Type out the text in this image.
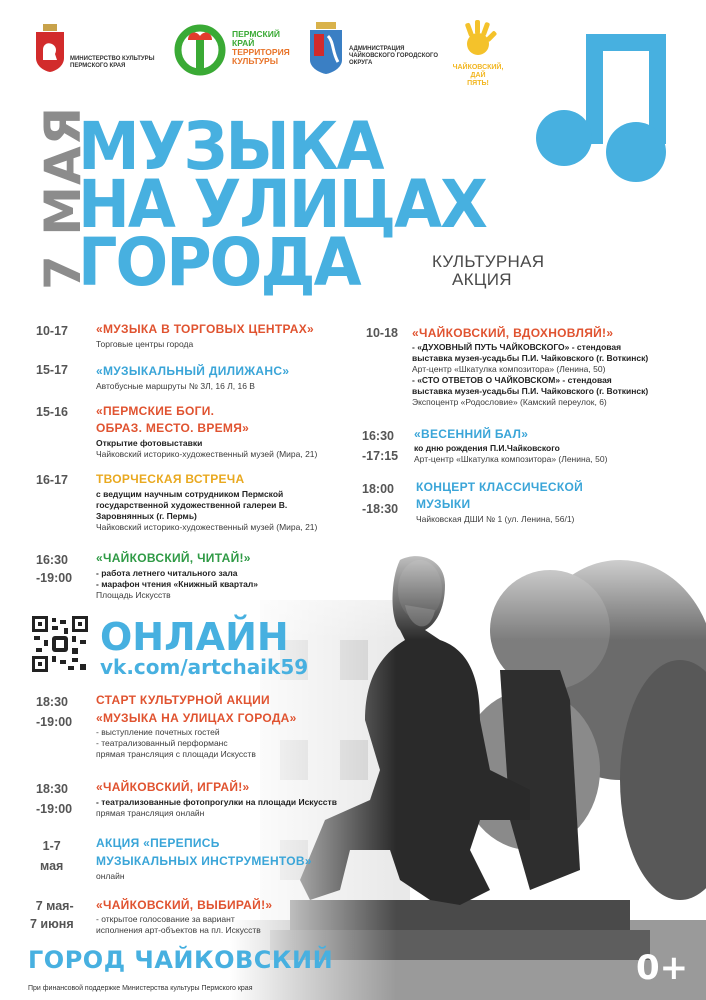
МИНИСТЕРСТВО КУЛЬТУРЫ
ПЕРМСКОГО КРАЯ
ПЕРМСКИЙ
КРАЙ
ТЕРРИТОРИЯ
КУЛЬТУРЫ
АДМИНИСТРАЦИЯ
ЧАЙКОВСКОГО ГОРОДСКОГО
ОКРУГА
ЧАЙКОВСКИЙ, ДАЙ
ПЯТЬ!
7 МАЯ
МУЗЫКА
НА УЛИЦАХ
ГОРОДА	КУЛЬТУРНАЯ
АКЦИЯ
10-17 «МУЗЫКА В ТОРГОВЫХ ЦЕНТРАХ»
Торговые центры города
15-17 «МУЗЫКАЛЬНЫЙ ДИЛИЖАНС»
Автобусные маршруты № 3Л, 16 Л, 16 В
15-16 «ПЕРМСКИЕ БОГИ.
ОБРАЗ. МЕСТО. ВРЕМЯ»
Открытие фотовыставки
Чайковский историко-художественный музей (Мира, 21)
16-17 ТВОРЧЕСКАЯ ВСТРЕЧА
с ведущим научным сотрудником Пермской
государственной художественной галереи В.
Заровнянных (г. Пермь)
Чайковский историко-художественный музей (Мира, 21)
16:30
-19:00
«ЧАЙКОВСКИЙ, ЧИТАЙ!»
- работа летнего читального зала
- марафон чтения «Книжный квартал»
Площадь Искусств
10-18 «ЧАЙКОВСКИЙ, ВДОХНОВЛЯЙ!»
- «ДУХОВНЫЙ ПУТЬ ЧАЙКОВСКОГО» - стендовая
выставка музея-усадьбы П.И. Чайковского (г. Воткинск)
Арт-центр «Шкатулка композитора» (Ленина, 50)
- «СТО ОТВЕТОВ О ЧАЙКОВСКОМ» - стендовая
выставка музея-усадьбы П.И. Чайковского (г. Воткинск)
Экспоцентр «Родословие» (Камский переулок, 6)
16:30
-17:15
«ВЕСЕННИЙ БАЛ»
ко дню рождения П.И.Чайковского
Арт-центр «Шкатулка композитора» (Ленина, 50)
18:00
-18:30
КОНЦЕРТ КЛАССИЧЕСКОЙ
МУЗЫКИ
Чайковская ДШИ № 1 (ул. Ленина, 56/1)
ОНЛАЙН
vk.com/artchaik59
18:30
-19:00
СТАРТ КУЛЬТУРНОЙ АКЦИИ
«МУЗЫКА НА УЛИЦАХ ГОРОДА»
- выступление почетных гостей
- театрализованный перформанс
прямая трансляция с площади Искусств
18:30
-19:00
«ЧАЙКОВСКИЙ, ИГРАЙ!»
- театрализованные фотопрогулки на площади Искусств
прямая трансляция онлайн
1-7
мая
АКЦИЯ «ПЕРЕПИСЬ
МУЗЫКАЛЬНЫХ ИНСТРУМЕНТОВ»
онлайн
7 мая-
7 июня
«ЧАЙКОВСКИЙ, ВЫБИРАЙ!»
- открытое голосование за вариант
исполнения арт-объектов на пл. Искусств
ГОРОД ЧАЙКОВСКИЙ
При финансовой поддержке Министерства культуры Пермского края
0+
